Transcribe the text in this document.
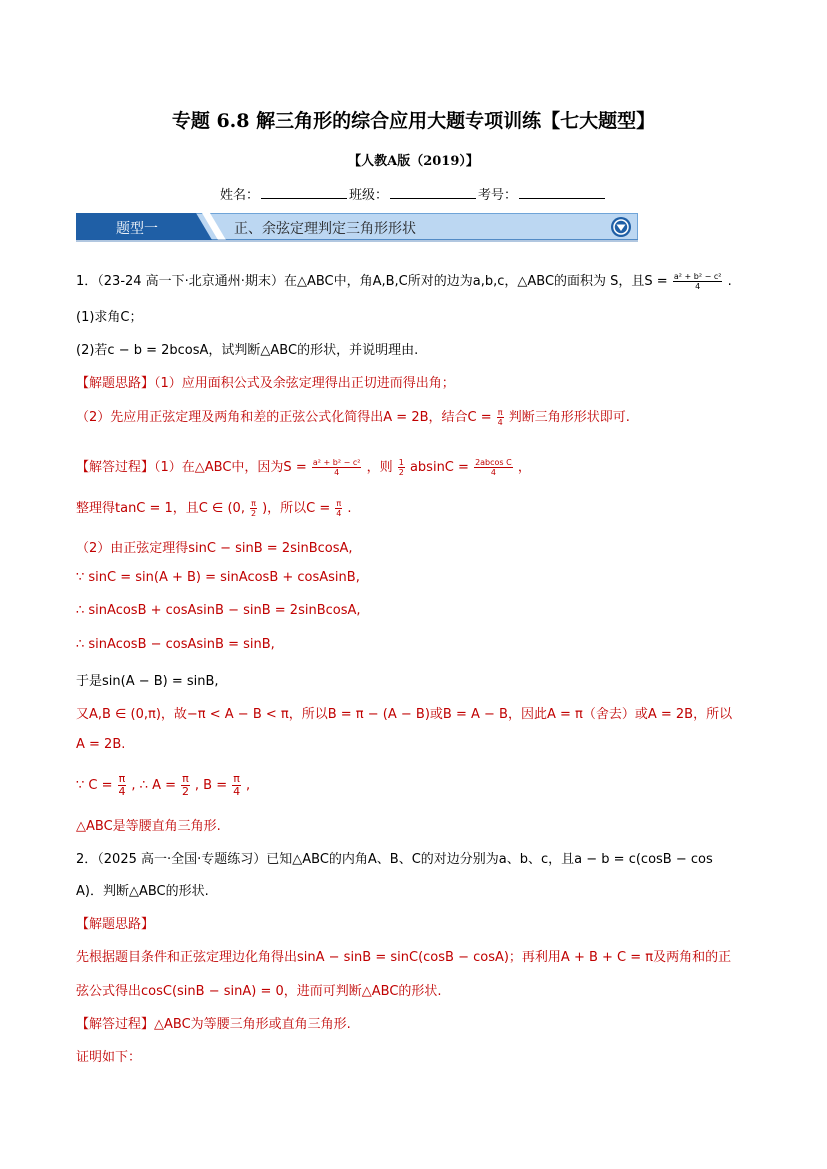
专题 6.8 解三角形的综合应用大题专项训练【七大题型】
【人教A版（2019）】
姓名：	班级：	考号：
题型一	正、余弦定理判定三角形形状
1．（23-24 高一下·北京通州·期末）在△ABC中，角A,B,C所对的边为a,b,c，△ABC的面积为 S，且$S = \frac{\text{a² + b² − c²}}{4}$ .
(1)求角C；
(2)若c − b = 2bcosA，试判断△ABC的形状，并说明理由.
【解题思路】（1）应用面积公式及余弦定理得出正切进而得出角；
（2）先应用正弦定理及两角和差的正弦公式化简得出A = 2B，结合$C = \frac{\pi}{4}$ 判断三角形形状即可.
【解答过程】（1）在△ABC中，因为$S = \frac{\text{a² + b² − c²}}{4}$ ，则 $\frac{1}{2}$ $absinC = \frac{\text{2abcos C}}{4}$ ，
整理得tanC = 1，且C ∈ (0, $\frac{\pi}{2}$ )，所以$C = \frac{\pi}{4}$ .
（2）由正弦定理得sinC − sinB = 2sinBcosA,
∵ sinC = sin(A + B) = sinAcosB + cosAsinB,
∴ sinAcosB + cosAsinB − sinB = 2sinBcosA,
∴ sinAcosB − cosAsinB = sinB,
于是sin(A − B) = sinB,
又A,B ∈ (0,π)，故−π < A − B < π，所以B = π − (A − B)或B = A − B，因此A = π（舍去）或A = 2B，所以
A = 2B.
∵ $C = \frac{\pi}{4}$ , ∴ $A = \frac{\pi}{2}$ , $B = \frac{\pi}{4}$ ,
△ABC是等腰直角三角形.
2．（2025 高一·全国·专题练习）已知△ABC的内角A、B、C的对边分别为a、b、c，且a − b = c(cosB − cos
A)．判断△ABC的形状.
【解题思路】
先根据题目条件和正弦定理边化角得出sinA − sinB = sinC(cosB − cosA)；再利用A + B + C = π及两角和的正
弦公式得出cosC(sinB − sinA) = 0，进而可判断△ABC的形状.
【解答过程】△ABC为等腰三角形或直角三角形.
证明如下：
